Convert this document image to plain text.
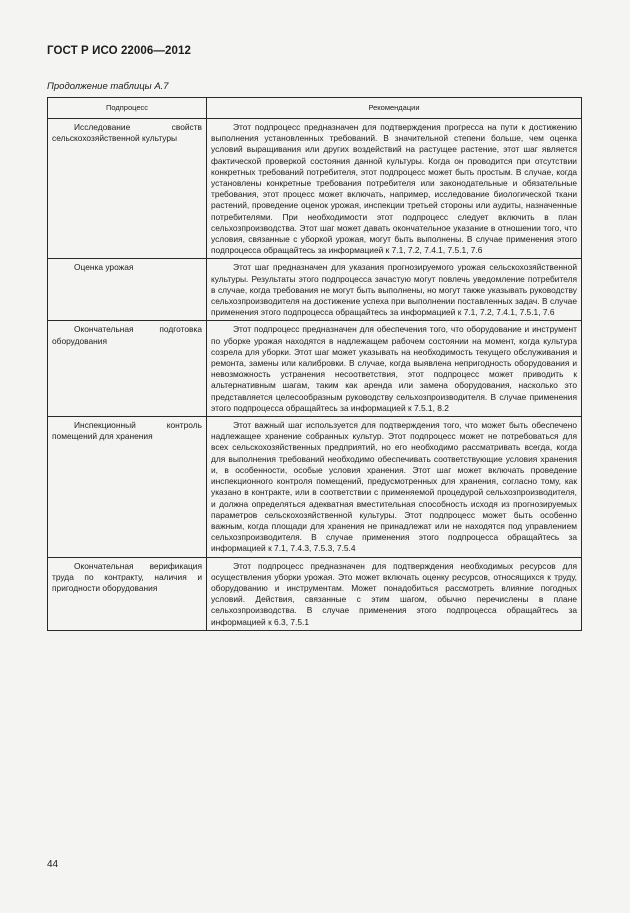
ГОСТ Р ИСО 22006—2012
Продолжение таблицы А.7
Подпроцесс	Рекомендации

Исследование свойств сельскохозяйственной культуры	Этот подпроцесс предназначен для подтверждения прогресса на пути к достижению выполнения установленных требований. В значительной степени больше, чем оценка условий выращивания или других воздействий на растущее растение, этот шаг является фактической проверкой состояния данной культуры. Когда он проводится при отсутствии конкретных требований потребителя, этот подпроцесс может быть простым. В случае, когда установлены конкретные требования потребителя или законодательные и обязательные требования, этот процесс может включать, например, исследование биологической ткани растений, проведение оценок урожая, инспекции третьей стороны или аудиты, назначенные потребителями. При необходимости этот подпроцесс следует включить в план сельхозпроизводства. Этот шаг может давать окончательное указание в отношении того, что условия, связанные с уборкой урожая, могут быть выполнены. В случае применения этого подпроцесса обращайтесь за информацией к 7.1, 7.2, 7.4.1, 7.5.1, 7.6

Оценка урожая	Этот шаг предназначен для указания прогнозируемого урожая сельскохозяйственной культуры. Результаты этого подпроцесса зачастую могут повлечь уведомление потребителя в случае, когда требования не могут быть выполнены, но могут также указывать руководству сельхозпроизводителя на достижение успеха при выполнении поставленных задач. В случае применения этого подпроцесса обращайтесь за информацией к 7.1, 7.2, 7.4.1, 7.5.1, 7.6

Окончательная подготовка оборудования	Этот подпроцесс предназначен для обеспечения того, что оборудование и инструмент по уборке урожая находятся в надлежащем рабочем состоянии на момент, когда культура созрела для уборки. Этот шаг может указывать на необходимость текущего обслуживания и ремонта, замены или калибровки. В случае, когда выявлена непригодность оборудования и невозможность устранения несоответствия, этот подпроцесс может приводить к альтернативным шагам, таким как аренда или замена оборудования, насколько это представляется целесообразным руководству сельхозпроизводителя. В случае применения этого подпроцесса обращайтесь за информацией к 7.5.1, 8.2

Инспекционный контроль помещений для хранения	Этот важный шаг используется для подтверждения того, что может быть обеспечено надлежащее хранение собранных культур. Этот подпроцесс может не потребоваться для всех сельскохозяйственных предприятий, но его необходимо рассматривать всегда, когда для выполнения требований необходимо обеспечивать соответствующие условия хранения и, в особенности, особые условия хранения. Этот шаг может включать проведение инспекционного контроля помещений, предусмотренных для хранения, согласно тому, как указано в контракте, или в соответствии с применяемой процедурой сельхозпроизводителя, и должна определяться адекватная вместительная способность исходя из прогнозируемых параметров сельскохозяйственной культуры. Этот подпроцесс может быть особенно важным, когда площади для хранения не принадлежат или не находятся под управлением сельхозпроизводителя. В случае применения этого подпроцесса обращайтесь за информацией к 7.1, 7.4.3, 7.5.3, 7.5.4

Окончательная верификация труда по контракту, наличия и пригодности оборудования	Этот подпроцесс предназначен для подтверждения необходимых ресурсов для осуществления уборки урожая. Это может включать оценку ресурсов, относящихся к труду, оборудованию и инструментам. Может понадобиться рассмотреть влияние погодных условий. Действия, связанные с этим шагом, обычно перечислены в плане сельхозпроизводства. В случае применения этого подпроцесса обращайтесь за информацией к 6.3, 7.5.1
44
